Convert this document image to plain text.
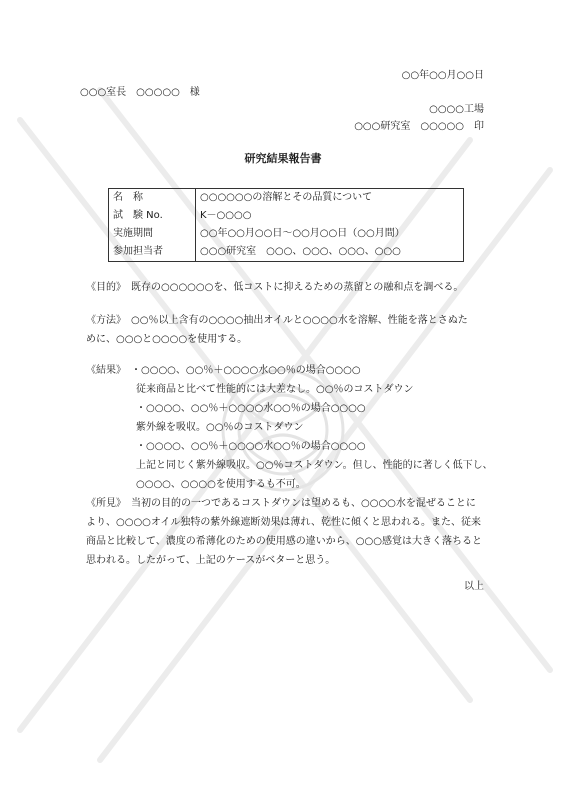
○○年○○月○○日
○○○室長　○○○○○　様
○○○○工場
○○○研究室　○○○○○　印
研究結果報告書
名　称	○○○○○○の溶解とその品質について
試　験 No.	K－○○○○
実施期間	○○年○○月○○日～○○月○○日（○○月間）
参加担当者	○○○研究室　○○○、○○○、○○○、○○○
《目的》　既存の○○○○○○を、低コストに抑えるための蒸留との融和点を調べる。
《方法》　○○％以上含有の○○○○抽出オイルと○○○○水を溶解、性能を落とさぬた
めに、○○○と○○○○を使用する。
《結果》　・○○○○、○○％＋○○○○水○○％の場合○○○○
　　　　　従来商品と比べて性能的には大差なし。○○％のコストダウン
　　　　　・○○○○、○○％＋○○○○水○○％の場合○○○○
　　　　　紫外線を吸収。○○％のコストダウン
　　　　　・○○○○、○○％＋○○○○水○○％の場合○○○○
　　　　　上記と同じく紫外線吸収。○○％コストダウン。但し、性能的に著しく低下し、
　　　　　○○○○、○○○○を使用するも不可。
《所見》　当初の目的の一つであるコストダウンは望めるも、○○○○水を混ぜることに
より、○○○○オイル独特の紫外線遮断効果は薄れ、乾性に傾くと思われる。また、従来
商品と比較して、濃度の希薄化のための使用感の違いから、○○○感覚は大きく落ちると
思われる。したがって、上記のケースがベターと思う。
以上
